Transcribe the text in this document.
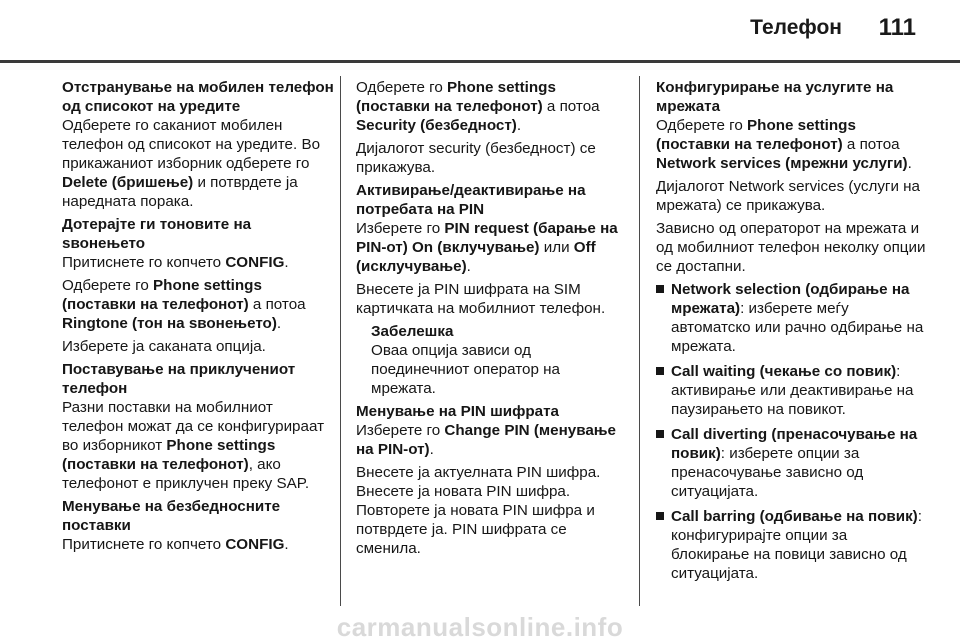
Телефон 111
Отстранување на мобилен телефон од списокот на уредите

Одберете го саканиот мобилен телефон од списокот на уредите. Во прикажаниот изборник одберете го Delete (бришење) и потврдете ја наредната порака.

Дотерајте ги тоновите на ѕвонењето

Притиснете го копчето CONFIG.

Одберете го Phone settings (поставки на телефонот) а потоа Ringtone (тон на ѕвонењето).

Изберете ја саканата опција.

Поставување на приклучениот телефон

Разни поставки на мобилниот телефон можат да се конфигурираат во изборникот Phone settings (поставки на телефонот), ако телефонот е приклучен преку SAP.

Менување на безбедносните поставки

Притиснете го копчето CONFIG.

Одберете го Phone settings (поставки на телефонот) а потоа Security (безбедност).

Дијалогот security (безбедност) се прикажува.

Активирање/деактивирање на потребата на PIN

Изберете го PIN request (барање на PIN-от) On (вклучување) или Off (исклучување).

Внесете ја PIN шифрата на SIM картичката на мобилниот телефон.

Забелешка
Оваа опција зависи од поединечниот оператор на мрежата.
Менување на PIN шифрата

Изберете го Change PIN (менување на PIN-от).

Внесете ја актуелната PIN шифра. Внесете ја новата PIN шифра. Повторете ја новата PIN шифра и потврдете ја. PIN шифрата се сменила.

Конфигурирање на услугите на мрежата

Одберете го Phone settings (поставки на телефонот) а потоа Network services (мрежни услуги).

Дијалогот Network services (услуги на мрежата) се прикажува.

Зависно од операторот на мрежата и од мобилниот телефон неколку опции се достапни.

Network selection (одбирање на мрежата): изберете меѓу автоматско или рачно одбирање на мрежата.
Call waiting (чекање со повик): активирање или деактивирање на паузирањето на повикот.
Call diverting (пренасочување на повик): изберете опции за пренасочување зависно од ситуацијата.
Call barring (одбивање на повик): конфигурирајте опции за блокирање на повици зависно од ситуацијата.
carmanualsonline.info
